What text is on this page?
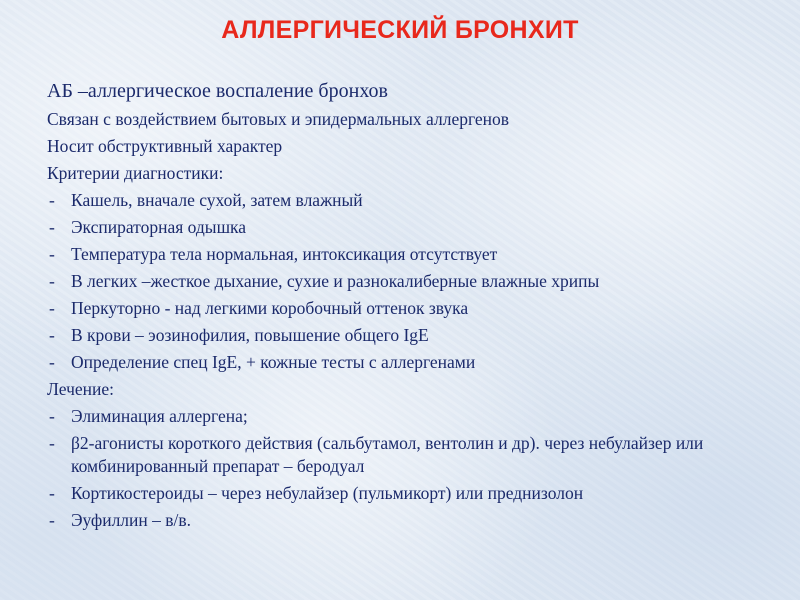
АЛЛЕРГИЧЕСКИЙ БРОНХИТ
АБ –аллергическое воспаление бронхов
Связан с воздействием бытовых и эпидермальных аллергенов
Носит обструктивный характер
Критерии диагностики:
- Кашель, вначале сухой, затем влажный
- Экспираторная одышка
- Температура тела нормальная, интоксикация отсутствует
- В легких –жесткое дыхание, сухие и разнокалиберные влажные хрипы
- Перкуторно - над легкими коробочный оттенок звука
- В крови – эозинофилия, повышение общего IgE
- Определение спец IgE, + кожные тесты с аллергенами
Лечение:
- Элиминация аллергена;
- β2-агонисты короткого действия (сальбутамол, вентолин и др). через небулайзер или комбинированный препарат – беродуал
- Кортикостероиды – через небулайзер (пульмикорт) или преднизолон
- Эуфиллин – в/в.
